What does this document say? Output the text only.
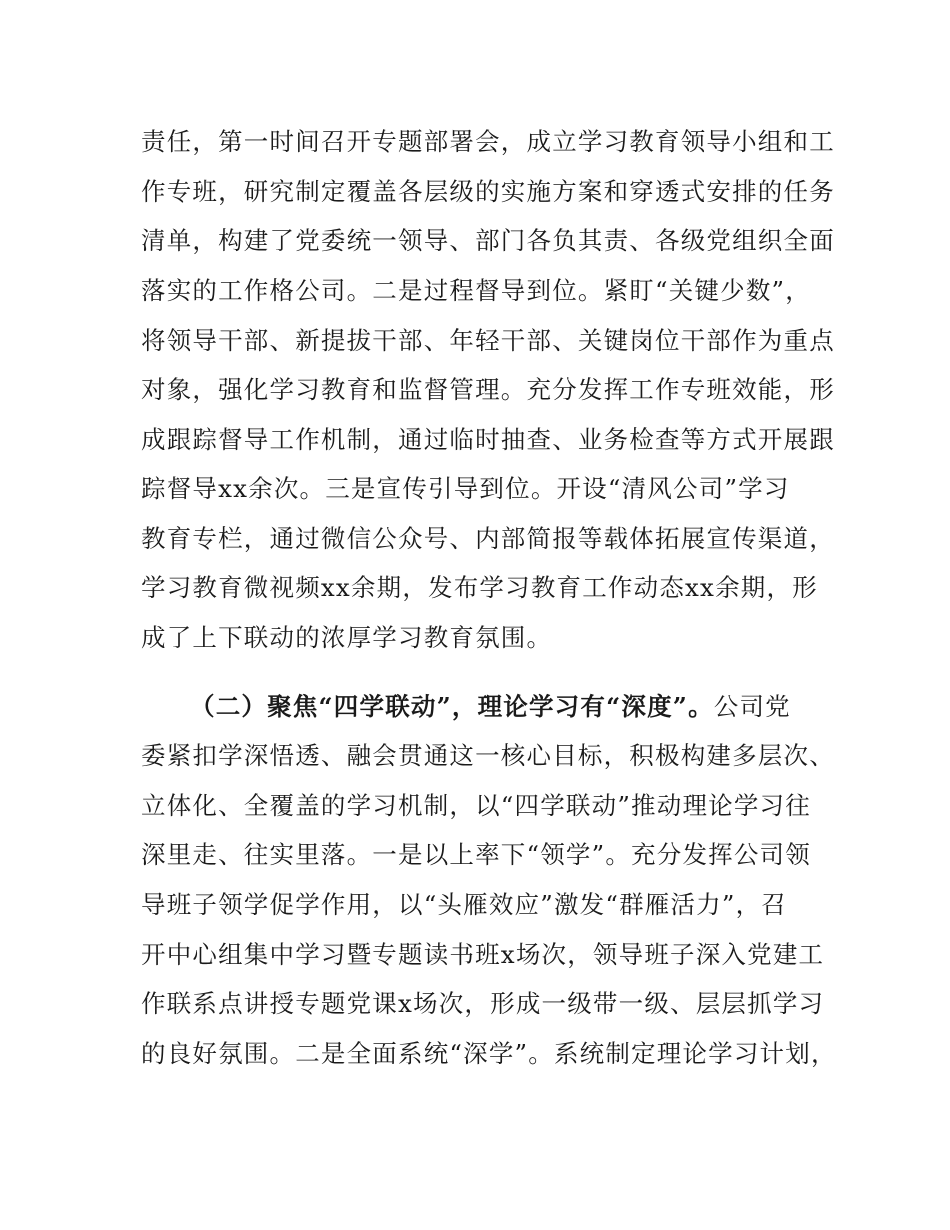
责任，第一时间召开专题部署会，成立学习教育领导小组和工
作专班，研究制定覆盖各层级的实施方案和穿透式安排的任务
清单，构建了党委统一领导、部门各负其责、各级党组织全面
落实的工作格公司。二是过程督导到位。紧盯“关键少数”，
将领导干部、新提拔干部、年轻干部、关键岗位干部作为重点
对象，强化学习教育和监督管理。充分发挥工作专班效能，形
成跟踪督导工作机制，通过临时抽查、业务检查等方式开展跟
踪督导xx余次。三是宣传引导到位。开设“清风公司”学习
教育专栏，通过微信公众号、内部简报等载体拓展宣传渠道，
学习教育微视频xx余期，发布学习教育工作动态xx余期，形
成了上下联动的浓厚学习教育氛围。
（二）聚焦“四学联动”，理论学习有“深度”。公司党
委紧扣学深悟透、融会贯通这一核心目标，积极构建多层次、
立体化、全覆盖的学习机制，以“四学联动”推动理论学习往
深里走、往实里落。一是以上率下“领学”。充分发挥公司领
导班子领学促学作用，以“头雁效应”激发“群雁活力”，召
开中心组集中学习暨专题读书班x场次，领导班子深入党建工
作联系点讲授专题党课x场次，形成一级带一级、层层抓学习
的良好氛围。二是全面系统“深学”。系统制定理论学习计划，
